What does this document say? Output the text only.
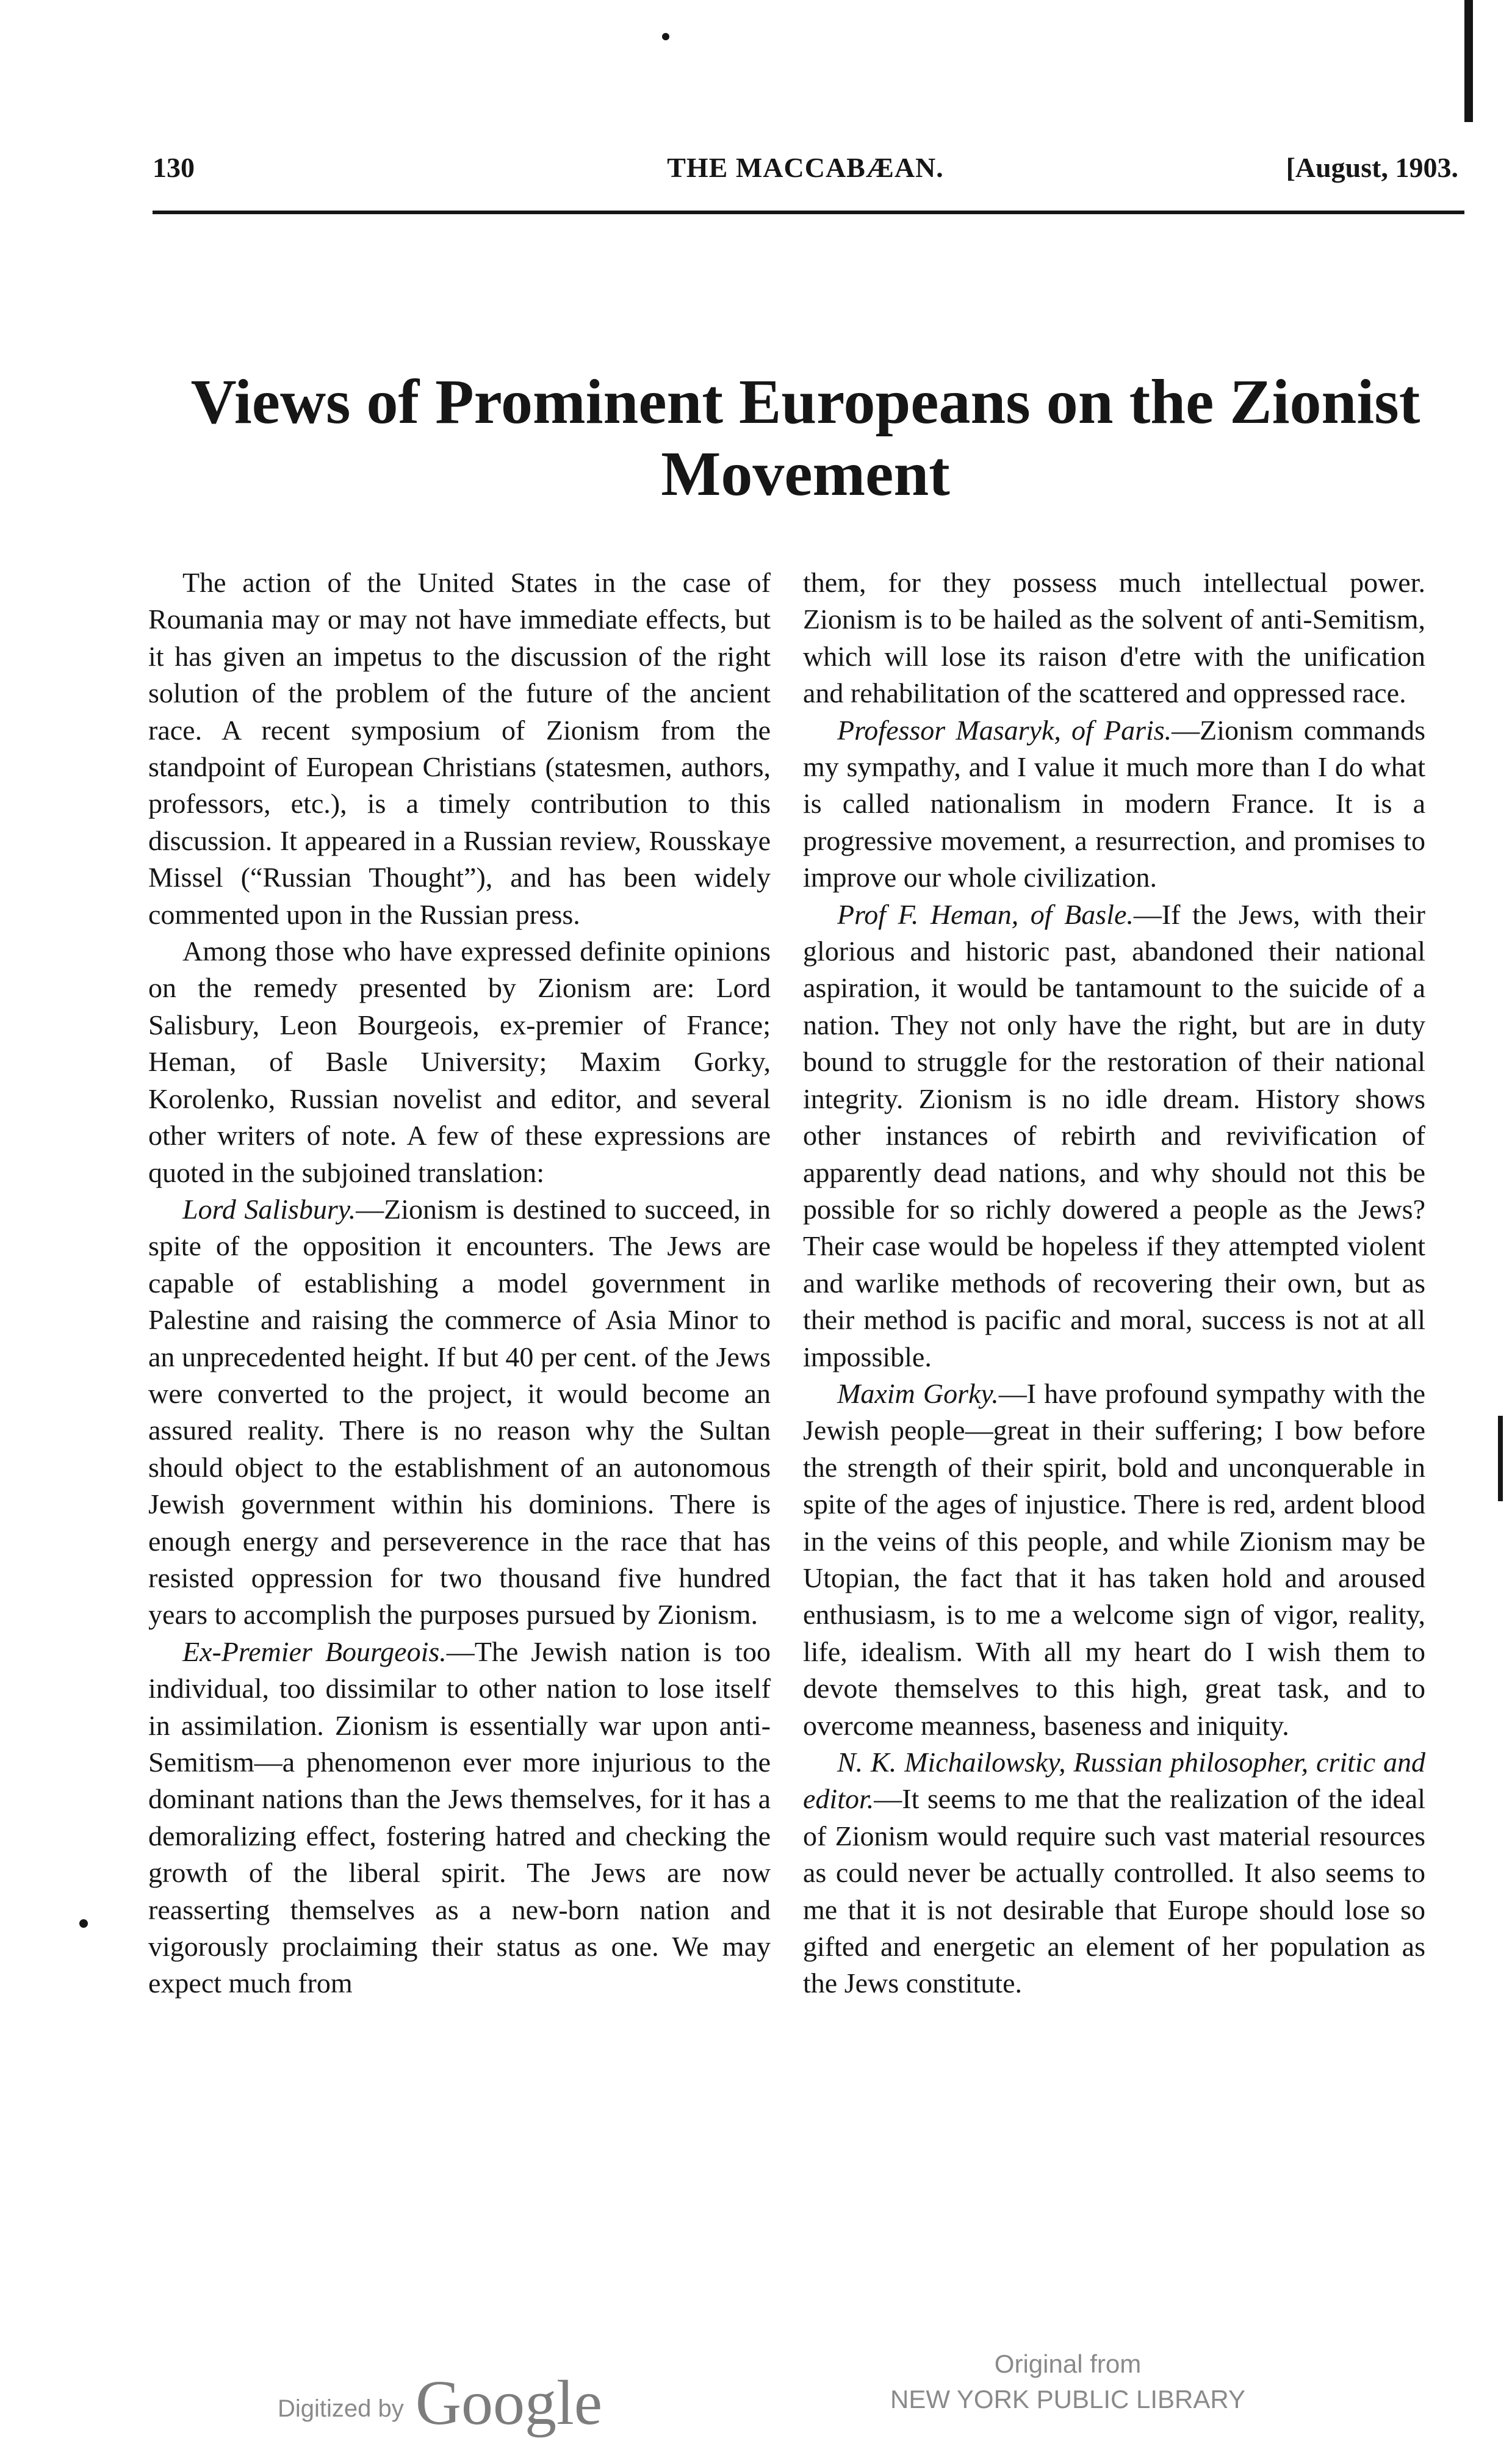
130	THE MACCABÆAN.	[August, 1903.
Views of Prominent Europeans on the Zionist Movement

The action of the United States in the case of Roumania may or may not have immediate effects, but it has given an impetus to the discussion of the right solution of the problem of the future of the ancient race. A recent symposium of Zionism from the standpoint of European Christians (statesmen, authors, professors, etc.), is a timely contribution to this discussion. It appeared in a Russian review, Rousskaye Missel (“Russian Thought”), and has been widely commented upon in the Russian press.

Among those who have expressed definite opinions on the remedy presented by Zionism are: Lord Salisbury, Leon Bourgeois, ex-premier of France; Heman, of Basle University; Maxim Gorky, Korolenko, Russian novelist and editor, and several other writers of note. A few of these expressions are quoted in the subjoined translation:

Lord Salisbury.—Zionism is destined to succeed, in spite of the opposition it encounters. The Jews are capable of establishing a model government in Palestine and raising the commerce of Asia Minor to an unprecedented height. If but 40 per cent. of the Jews were converted to the project, it would become an assured reality. There is no reason why the Sultan should object to the establishment of an autonomous Jewish government within his dominions. There is enough energy and perseverence in the race that has resisted oppression for two thousand five hundred years to accomplish the purposes pursued by Zionism.

Ex-Premier Bourgeois.—The Jewish nation is too individual, too dissimilar to other nation to lose itself in assimilation. Zionism is essentially war upon anti-Semitism—a phenomenon ever more injurious to the dominant nations than the Jews themselves, for it has a demoralizing effect, fostering hatred and checking the growth of the liberal spirit. The Jews are now reasserting themselves as a new-born nation and vigorously proclaiming their status as one. We may expect much from

them, for they possess much intellectual power. Zionism is to be hailed as the solvent of anti-Semitism, which will lose its raison d'etre with the unification and rehabilitation of the scattered and oppressed race.

Professor Masaryk, of Paris.—Zionism commands my sympathy, and I value it much more than I do what is called nationalism in modern France. It is a progressive movement, a resurrection, and promises to improve our whole civilization.

Prof F. Heman, of Basle.—If the Jews, with their glorious and historic past, abandoned their national aspiration, it would be tantamount to the suicide of a nation. They not only have the right, but are in duty bound to struggle for the restoration of their national integrity. Zionism is no idle dream. History shows other instances of rebirth and revivification of apparently dead nations, and why should not this be possible for so richly dowered a people as the Jews? Their case would be hopeless if they attempted violent and warlike methods of recovering their own, but as their method is pacific and moral, success is not at all impossible.

Maxim Gorky.—I have profound sympathy with the Jewish people—great in their suffering; I bow before the strength of their spirit, bold and unconquerable in spite of the ages of injustice. There is red, ardent blood in the veins of this people, and while Zionism may be Utopian, the fact that it has taken hold and aroused enthusiasm, is to me a welcome sign of vigor, reality, life, idealism. With all my heart do I wish them to devote themselves to this high, great task, and to overcome meanness, baseness and iniquity.

N. K. Michailowsky, Russian philosopher, critic and editor.—It seems to me that the realization of the ideal of Zionism would require such vast material resources as could never be actually controlled. It also seems to me that it is not desirable that Europe should lose so gifted and energetic an element of her population as the Jews constitute.

Digitized by Google
Original from
NEW YORK PUBLIC LIBRARY
